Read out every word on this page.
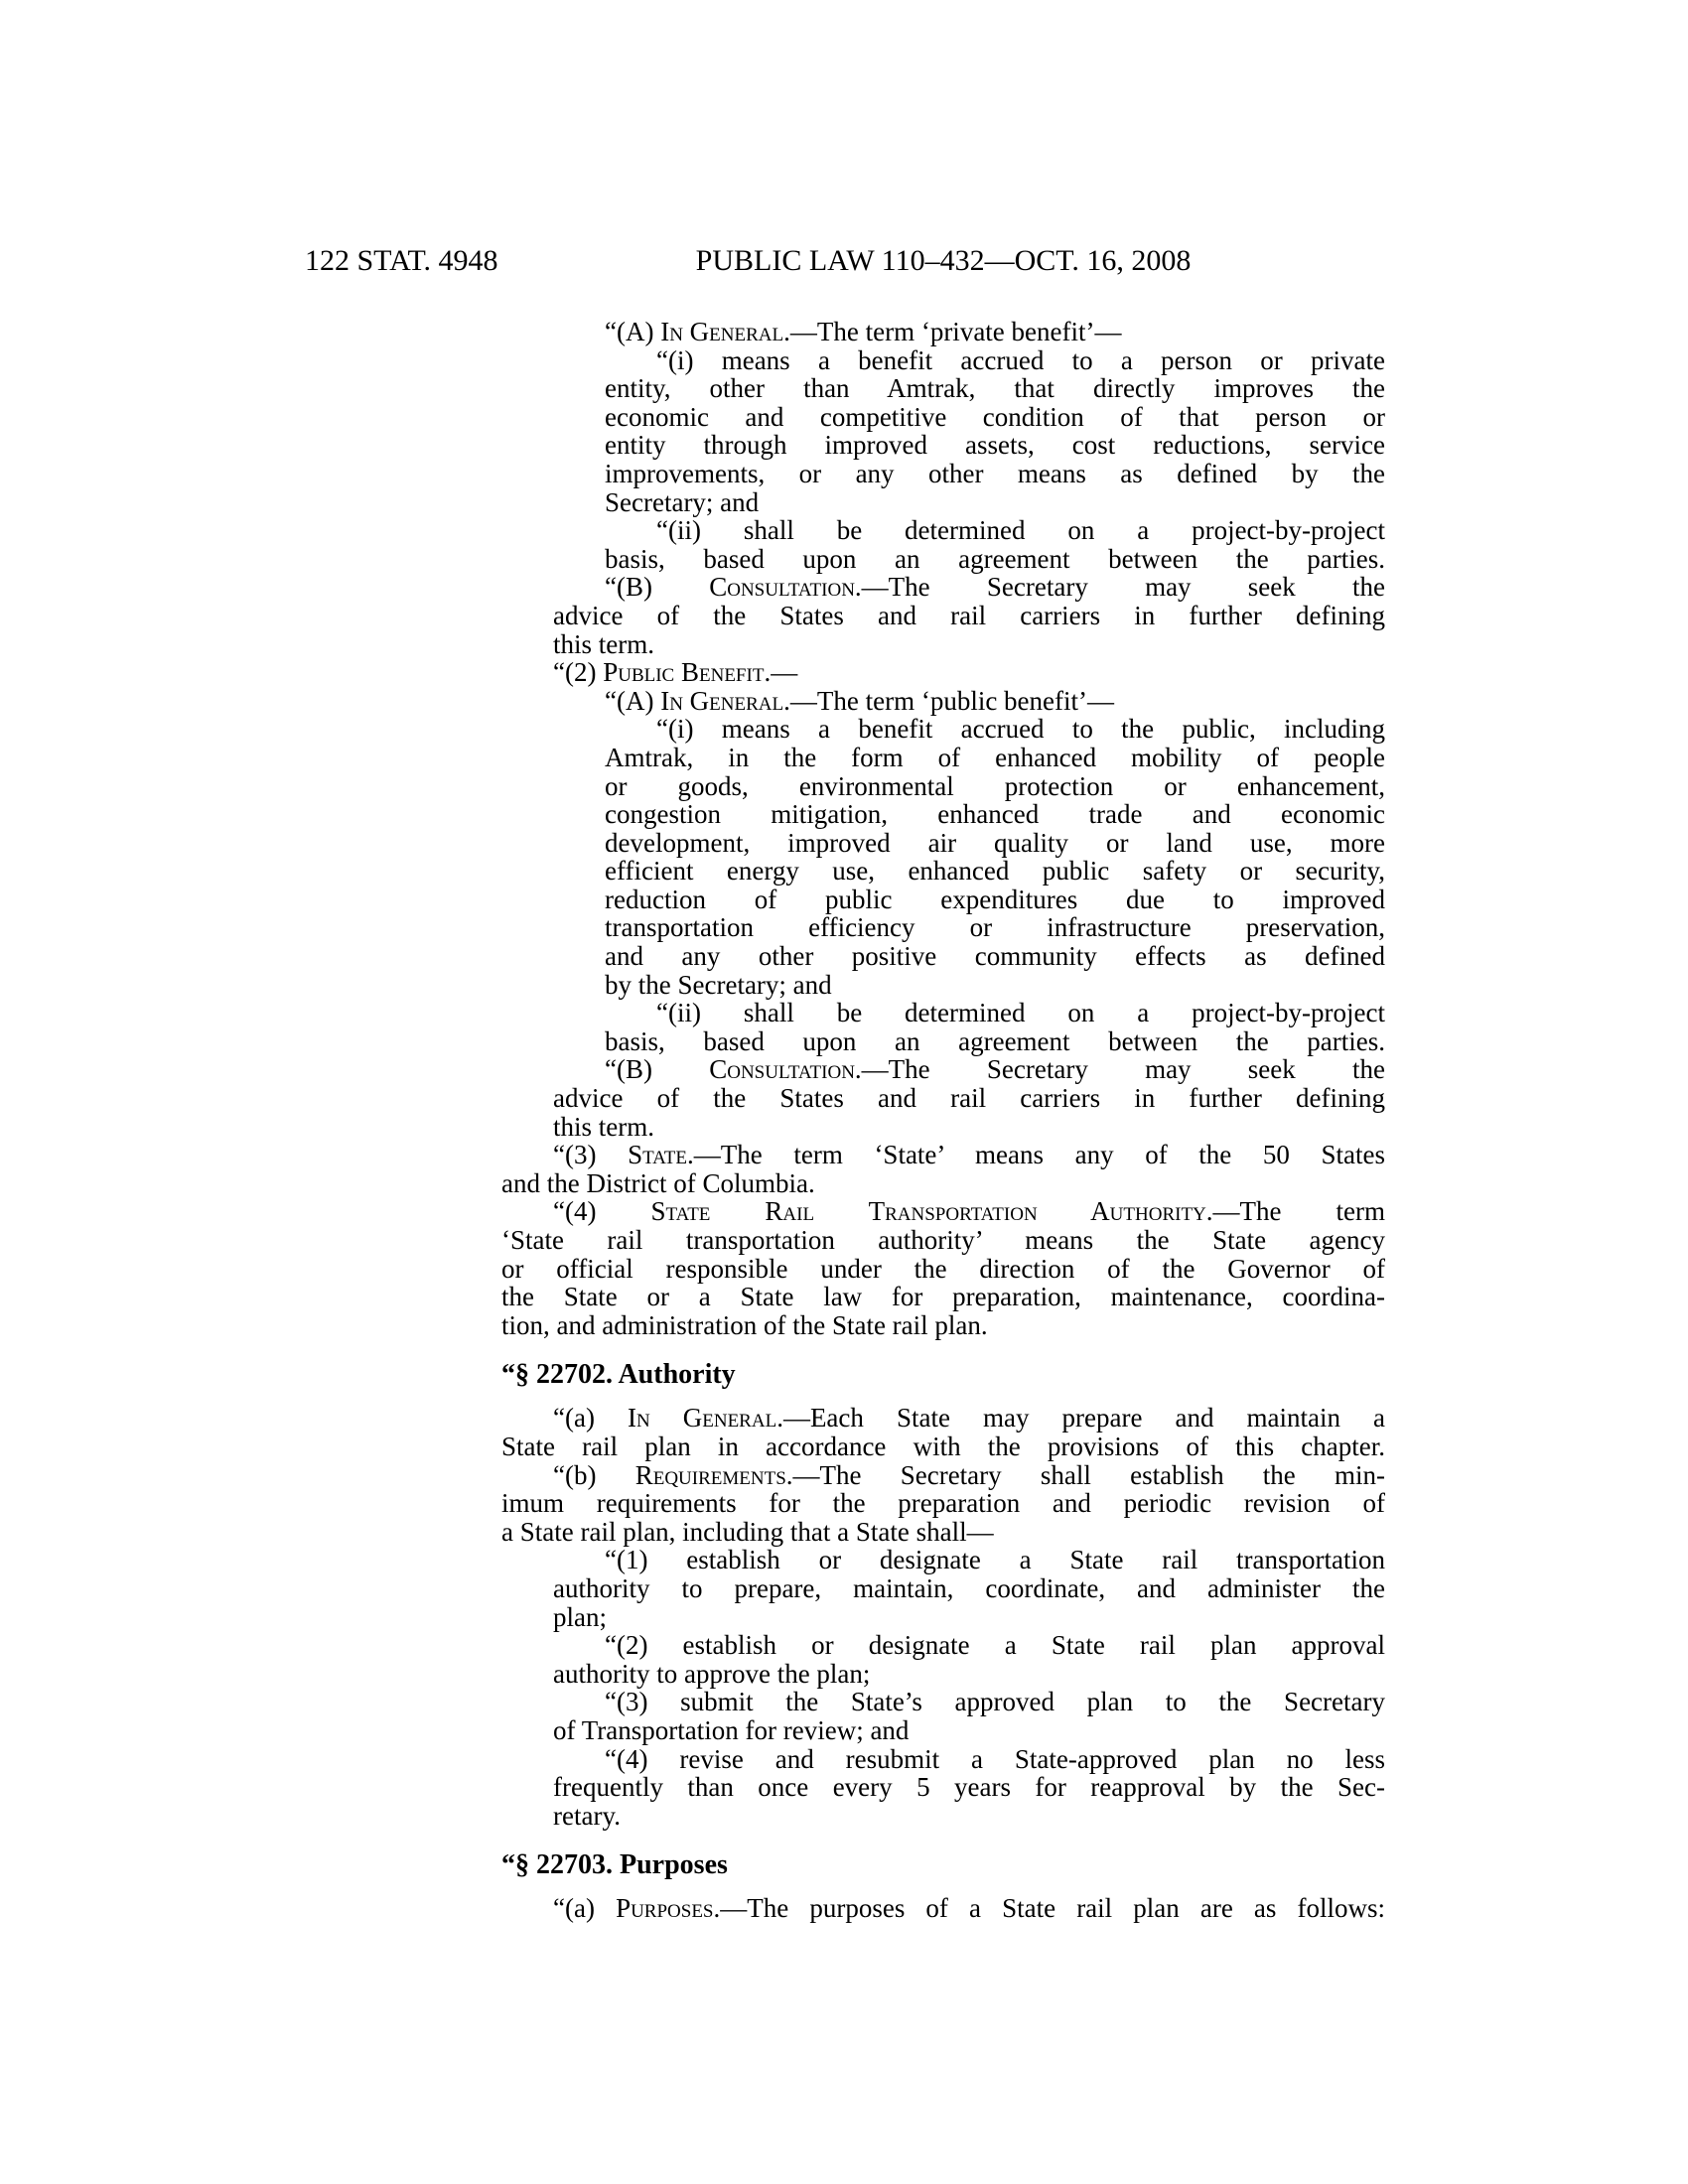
122 STAT. 4948	PUBLIC LAW 110–432—OCT. 16, 2008
“(A) In General.—The term ‘private benefit’—
“(i) means a benefit accrued to a person or private
entity, other than Amtrak, that directly improves the
economic and competitive condition of that person or
entity through improved assets, cost reductions, service
improvements, or any other means as defined by the
Secretary; and
“(ii) shall be determined on a project-by-project
basis, based upon an agreement between the parties.
“(B) Consultation.—The Secretary may seek the
advice of the States and rail carriers in further defining
this term.
“(2) Public Benefit.—
“(A) In General.—The term ‘public benefit’—
“(i) means a benefit accrued to the public, including
Amtrak, in the form of enhanced mobility of people
or goods, environmental protection or enhancement,
congestion mitigation, enhanced trade and economic
development, improved air quality or land use, more
efficient energy use, enhanced public safety or security,
reduction of public expenditures due to improved
transportation efficiency or infrastructure preservation,
and any other positive community effects as defined
by the Secretary; and
“(ii) shall be determined on a project-by-project
basis, based upon an agreement between the parties.
“(B) Consultation.—The Secretary may seek the
advice of the States and rail carriers in further defining
this term.
“(3) State.—The term ‘State’ means any of the 50 States
and the District of Columbia.
“(4) State Rail Transportation Authority.—The term
‘State rail transportation authority’ means the State agency
or official responsible under the direction of the Governor of
the State or a State law for preparation, maintenance, coordina-
tion, and administration of the State rail plan.
“§ 22702. Authority
“(a) In General.—Each State may prepare and maintain a
State rail plan in accordance with the provisions of this chapter.
“(b) Requirements.—The Secretary shall establish the min-
imum requirements for the preparation and periodic revision of
a State rail plan, including that a State shall—
“(1) establish or designate a State rail transportation
authority to prepare, maintain, coordinate, and administer the
plan;
“(2) establish or designate a State rail plan approval
authority to approve the plan;
“(3) submit the State’s approved plan to the Secretary
of Transportation for review; and
“(4) revise and resubmit a State-approved plan no less
frequently than once every 5 years for reapproval by the Sec-
retary.
“§ 22703. Purposes
“(a) Purposes.—The purposes of a State rail plan are as follows:
